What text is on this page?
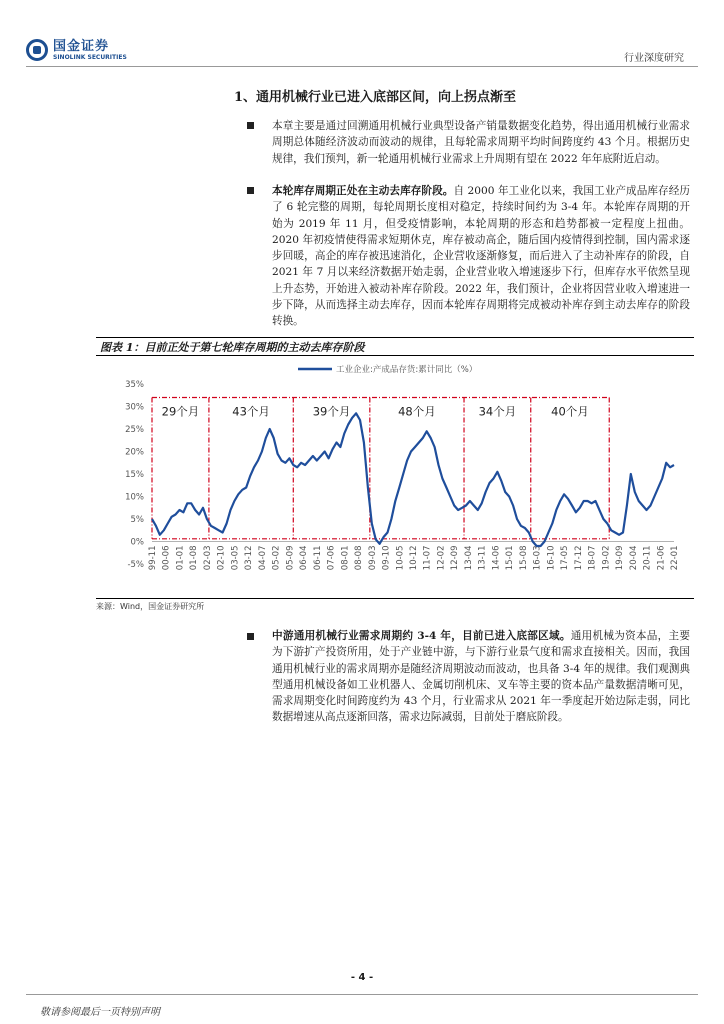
国金证券
SINOLINK SECURITIES	行业深度研究
1、通用机械行业已进入底部区间，向上拐点渐至
本章主要是通过回溯通用机械行业典型设备产销量数据变化趋势，得出通用机械行业需求周期总体随经济波动而波动的规律，且每轮需求周期平均时间跨度约 43 个月。根据历史规律，我们预判，新一轮通用机械行业需求上升周期有望在 2022 年年底附近启动。
本轮库存周期正处在主动去库存阶段。自 2000 年工业化以来，我国工业产成品库存经历了 6 轮完整的周期，每轮周期长度相对稳定，持续时间约为 3-4 年。本轮库存周期的开始为 2019 年 11 月，但受疫情影响，本轮周期的形态和趋势都被一定程度上扭曲。2020 年初疫情使得需求短期休克，库存被动高企，随后国内疫情得到控制，国内需求逐步回暖，高企的库存被迅速消化，企业营收逐渐修复，而后进入了主动补库存的阶段，自 2021 年 7 月以来经济数据开始走弱，企业营业收入增速逐步下行，但库存水平依然呈现上升态势，开始进入被动补库存阶段。2022 年，我们预计，企业将因营业收入增速进一步下降，从而选择主动去库存，因而本轮库存周期将完成被动补库存到主动去库存的阶段转换。
图表 1：目前正处于第七轮库存周期的主动去库存阶段
工业企业:产成品存货:累计同比（%）
35%
30%
25%
20%
15%
10%
5%
0%
-5% 99-11 00-06 01-01 01-08 02-03 02-10 03-05 03-12 04-07 05-02 05-09 06-04 06-11 07-06 08-01 08-08 09-03 09-10 10-05 10-12 11-07 12-02 12-09 13-04 13-11 14-06 15-01 15-08 16-03 16-10 17-05 17-12 18-07 19-02 19-09 20-04 20-11 21-06 22-01
29个月	43个月	39个月	48个月	34个月	40个月
来源：Wind，国金证券研究所
中游通用机械行业需求周期约 3-4 年，目前已进入底部区域。通用机械为资本品，主要为下游扩产投资所用，处于产业链中游，与下游行业景气度和需求直接相关。因而，我国通用机械行业的需求周期亦是随经济周期波动而波动，也具备 3-4 年的规律。我们观测典型通用机械设备如工业机器人、金属切削机床、叉车等主要的资本品产量数据清晰可见，需求周期变化时间跨度约为 43 个月，行业需求从 2021 年一季度起开始边际走弱，同比数据增速从高点逐渐回落，需求边际减弱，目前处于磨底阶段。
- 4 -
敬请参阅最后一页特别声明
